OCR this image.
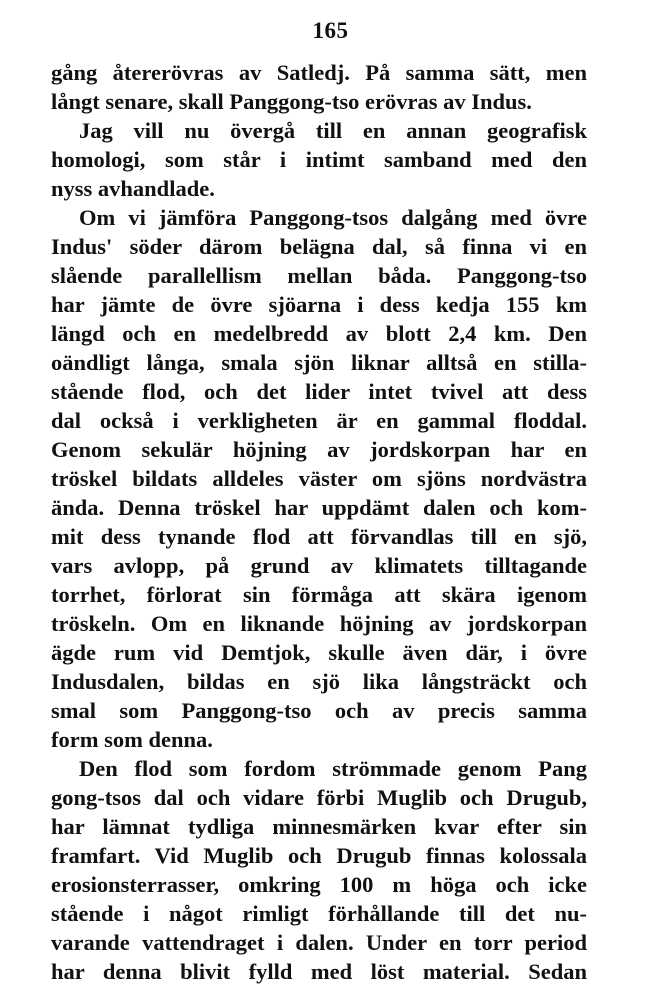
165
gång återerövras av Satledj. På samma sätt, men
långt senare, skall Panggong-tso erövras av Indus.
Jag vill nu övergå till en annan geografisk
homologi, som står i intimt samband med den
nyss avhandlade.
Om vi jämföra Panggong-tsos dalgång med övre
Indus' söder därom belägna dal, så finna vi en
slående parallellism mellan båda. Panggong-tso
har jämte de övre sjöarna i dess kedja 155 km
längd och en medelbredd av blott 2,4 km. Den
oändligt långa, smala sjön liknar alltså en stilla-
stående flod, och det lider intet tvivel att dess
dal också i verkligheten är en gammal floddal.
Genom sekulär höjning av jordskorpan har en
tröskel bildats alldeles väster om sjöns nordvästra
ända. Denna tröskel har uppdämt dalen och kom-
mit dess tynande flod att förvandlas till en sjö,
vars avlopp, på grund av klimatets tilltagande
torrhet, förlorat sin förmåga att skära igenom
tröskeln. Om en liknande höjning av jordskorpan
ägde rum vid Demtjok, skulle även där, i övre
Indusdalen, bildas en sjö lika långsträckt och
smal som Panggong-tso och av precis samma
form som denna.
Den flod som fordom strömmade genom Pang
gong-tsos dal och vidare förbi Muglib och Drugub,
har lämnat tydliga minnesmärken kvar efter sin
framfart. Vid Muglib och Drugub finnas kolossala
erosionsterrasser, omkring 100 m höga och icke
stående i något rimligt förhållande till det nu-
varande vattendraget i dalen. Under en torr period
har denna blivit fylld med löst material. Sedan
